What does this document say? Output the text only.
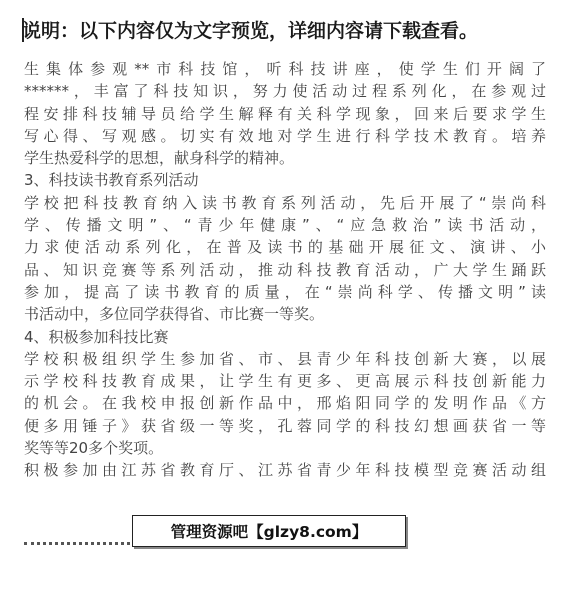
说明：以下内容仅为文字预览，详细内容请下载查看。
生集体参观**市科技馆，听科技讲座，使学生们开阔了
******，丰富了科技知识，努力使活动过程系列化，在参观过
程安排科技辅导员给学生解释有关科学现象，回来后要求学生
写心得、写观感。切实有效地对学生进行科学技术教育。培养
学生热爱科学的思想，献身科学的精神。
3、科技读书教育系列活动
学校把科技教育纳入读书教育系列活动，先后开展了“崇尚科
学、传播文明”、“青少年健康”、“应急救治”读书活动，
力求使活动系列化，在普及读书的基础开展征文、演讲、小
品、知识竞赛等系列活动，推动科技教育活动，广大学生踊跃
参加，提高了读书教育的质量，在“崇尚科学、传播文明”读
书活动中，多位同学获得省、市比赛一等奖。
4、积极参加科技比赛
学校积极组织学生参加省、市、县青少年科技创新大赛，以展
示学校科技教育成果，让学生有更多、更高展示科技创新能力
的机会。在我校申报创新作品中，邢焰阳同学的发明作品《方
便多用锤子》获省级一等奖，孔蓉同学的科技幻想画获省一等
奖等等20多个奖项。
积极参加由江苏省教育厅、江苏省青少年科技模型竞赛活动组
管理资源吧【glzy8.com】
